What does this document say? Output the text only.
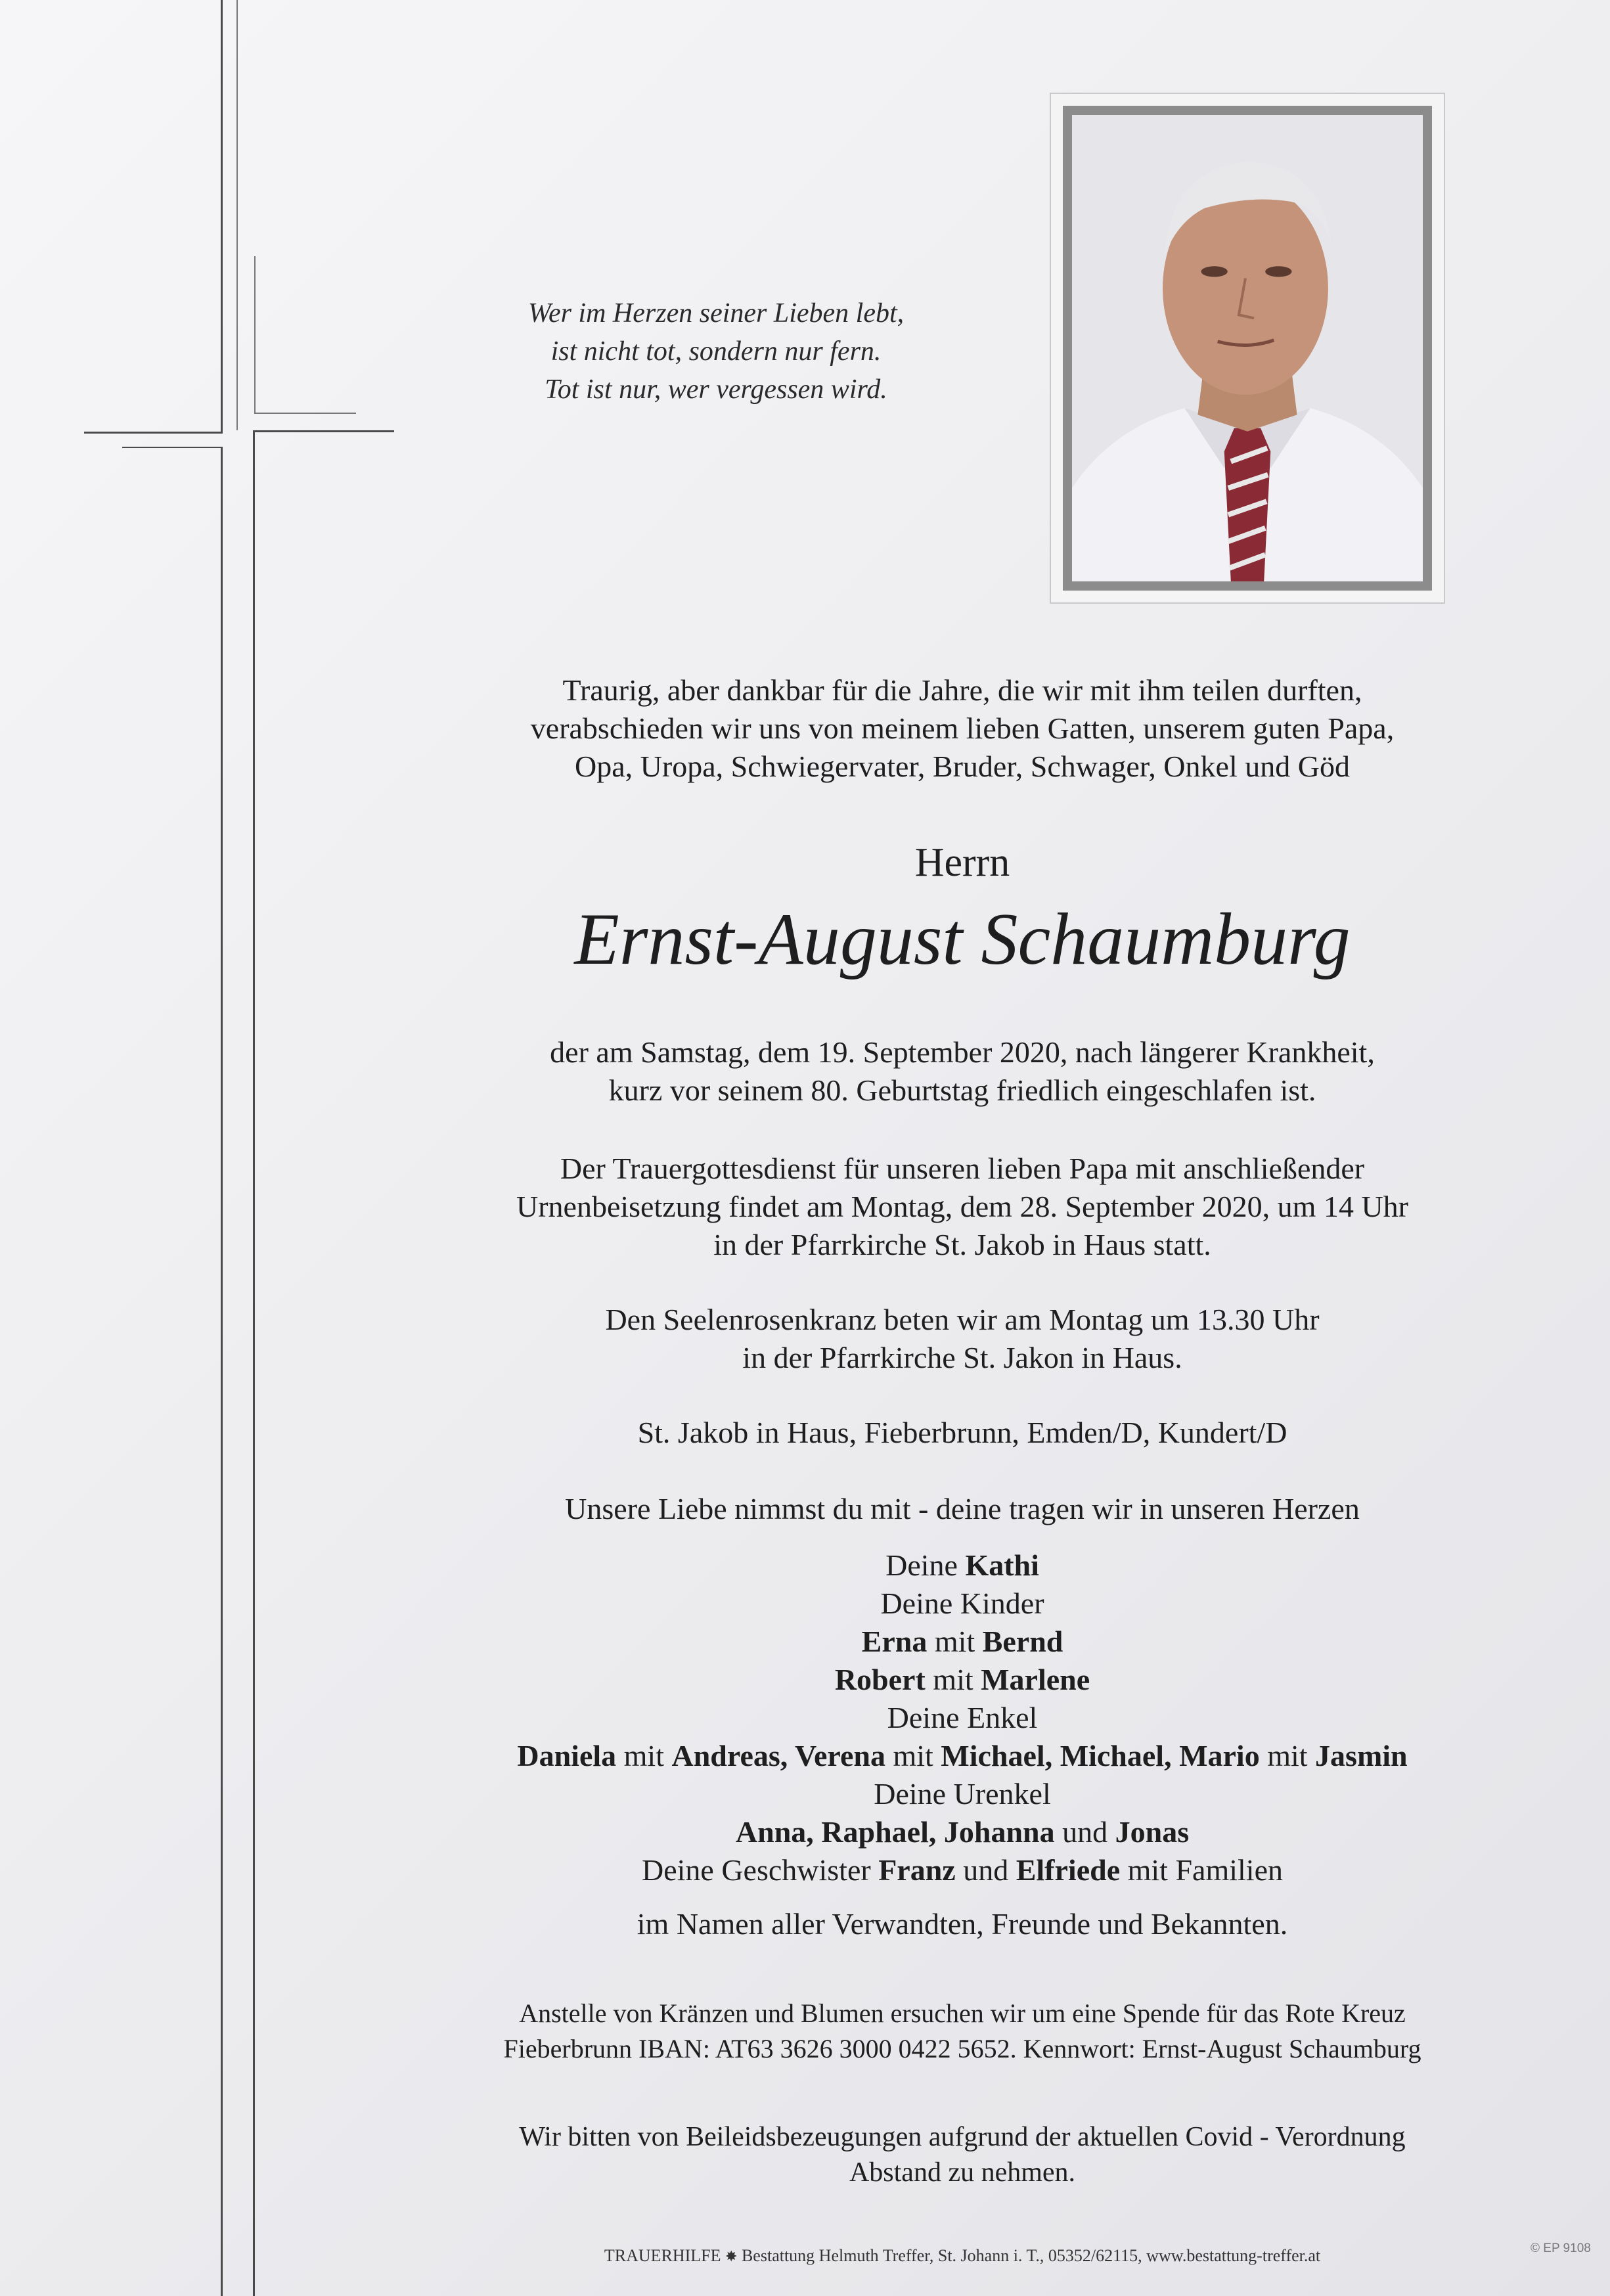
Wer im Herzen seiner Lieben lebt,
ist nicht tot, sondern nur fern.
Tot ist nur, wer vergessen wird.
Traurig, aber dankbar für die Jahre, die wir mit ihm teilen durften,
verabschieden wir uns von meinem lieben Gatten, unserem guten Papa,
Opa, Uropa, Schwiegervater, Bruder, Schwager, Onkel und Göd
Herrn
Ernst-August Schaumburg
der am Samstag, dem 19. September 2020, nach längerer Krankheit,
kurz vor seinem 80. Geburtstag friedlich eingeschlafen ist.
Der Trauergottesdienst für unseren lieben Papa mit anschließender
Urnenbeisetzung findet am Montag, dem 28. September 2020, um 14 Uhr
in der Pfarrkirche St. Jakob in Haus statt.
Den Seelenrosenkranz beten wir am Montag um 13.30 Uhr
in der Pfarrkirche St. Jakon in Haus.
St. Jakob in Haus, Fieberbrunn, Emden/D, Kundert/D
Unsere Liebe nimmst du mit - deine tragen wir in unseren Herzen
Deine Kathi
Deine Kinder
Erna mit Bernd
Robert mit Marlene
Deine Enkel
Daniela mit Andreas, Verena mit Michael, Michael, Mario mit Jasmin
Deine Urenkel
Anna, Raphael, Johanna und Jonas
Deine Geschwister Franz und Elfriede mit Familien
im Namen aller Verwandten, Freunde und Bekannten.
Anstelle von Kränzen und Blumen ersuchen wir um eine Spende für das Rote Kreuz
Fieberbrunn IBAN: AT63 3626 3000 0422 5652. Kennwort: Ernst-August Schaumburg
Wir bitten von Beileidsbezeugungen aufgrund der aktuellen Covid - Verordnung
Abstand zu nehmen.
TRAUERHILFE ✸ Bestattung Helmuth Treffer, St. Johann i. T., 05352/62115, www.bestattung-treffer.at	© EP 9108
